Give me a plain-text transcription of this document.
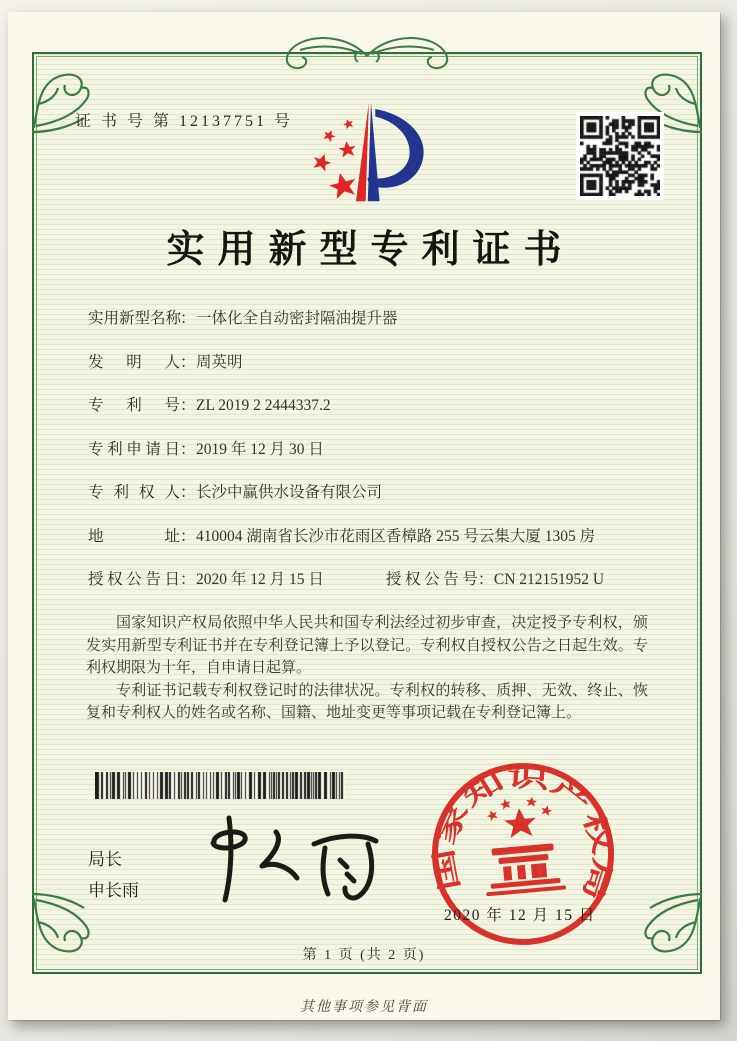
证 书 号 第 12137751 号
实用新型专利证书
实用新型名称：一体化全自动密封隔油提升器
发明人：周英明
专利号：ZL 2019 2 2444337.2
专利申请日：2019 年 12 月 30 日
专利权人：长沙中赢供水设备有限公司
地址：410004 湖南省长沙市花雨区香樟路 255 号云集大厦 1305 房
授权公告日：2020 年 12 月 15 日	授权公告号：CN 212151952 U

国家知识产权局依照中华人民共和国专利法经过初步审查，决定授予专利权，颁发实用新型专利证书并在专利登记簿上予以登记。专利权自授权公告之日起生效。专利权期限为十年，自申请日起算。

专利证书记载专利权登记时的法律状况。专利权的转移、质押、无效、终止、恢复和专利权人的姓名或名称、国籍、地址变更等事项记载在专利登记簿上。

局长
申长雨	国家知识产权局
2020 年 12 月 15 日
第 1 页 (共 2 页)
其他事项参见背面
